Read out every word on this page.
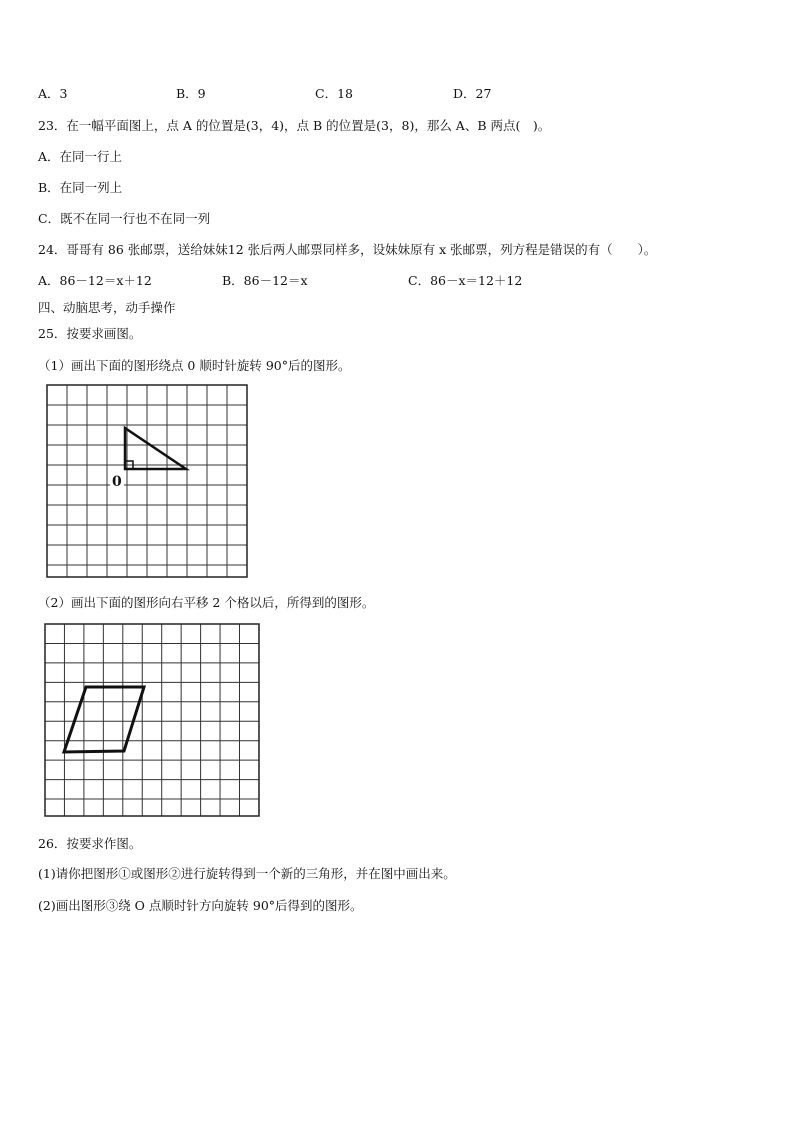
A．3	B．9	C．18	D．27
23．在一幅平面图上，点 A 的位置是(3，4)，点 B 的位置是(3，8)，那么 A、B 两点(　)。
A．在同一行上
B．在同一列上
C．既不在同一行也不在同一列
24．哥哥有 86 张邮票，送给妹妹12 张后两人邮票同样多，设妹妹原有 x 张邮票，列方程是错误的有（　　）。
A．86－12＝x＋12	B．86－12＝x	C．86－x＝12＋12
四、动脑思考，动手操作
25．按要求画图。
（1）画出下面的图形绕点 0 顺时针旋转 90°后的图形。
0
（2）画出下面的图形向右平移 2 个格以后，所得到的图形。
26．按要求作图。
(1)请你把图形①或图形②进行旋转得到一个新的三角形，并在图中画出来。
(2)画出图形③绕 O 点顺时针方向旋转 90°后得到的图形。
